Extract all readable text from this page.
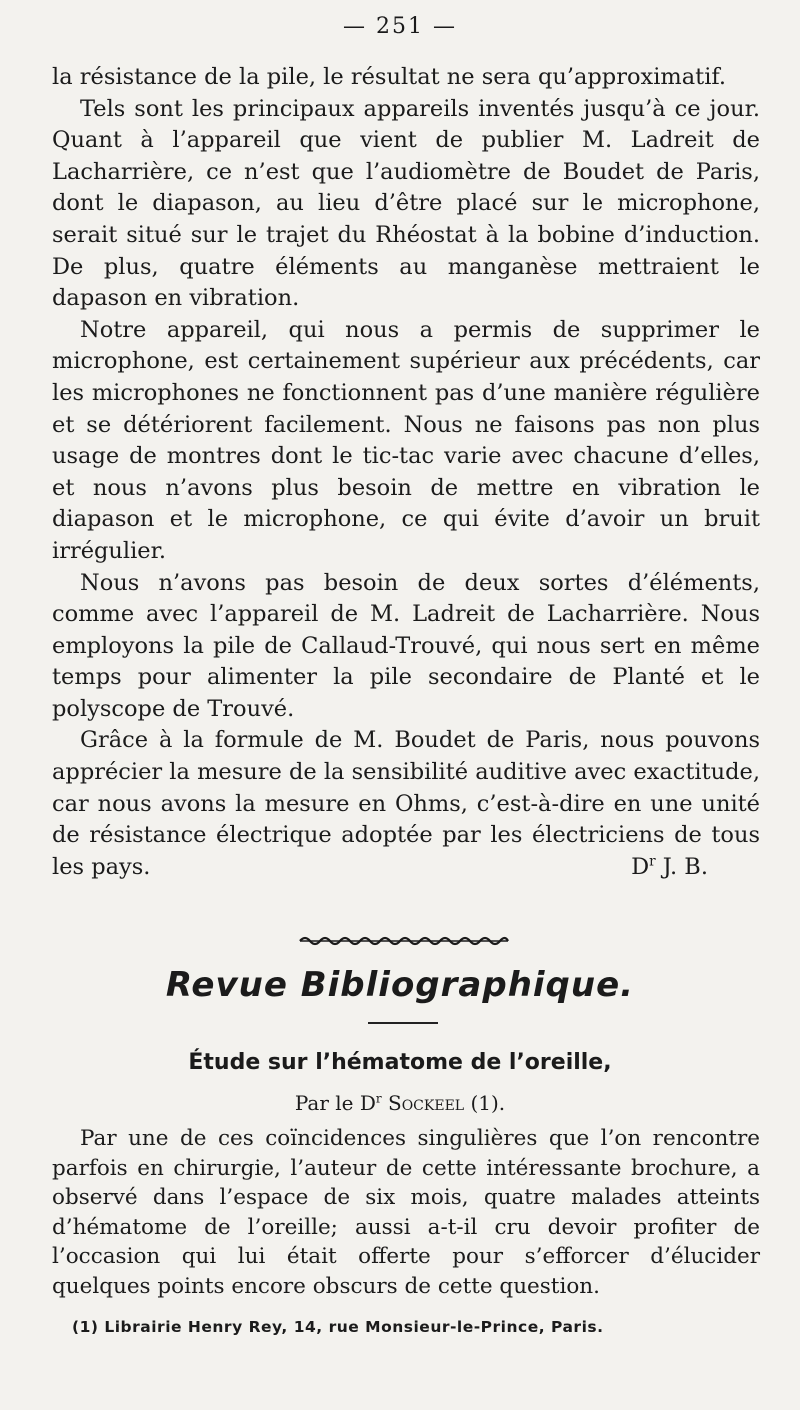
— 251 —

la résistance de la pile, le résultat ne sera qu’approximatif.

Tels sont les principaux appareils inventés jusqu’à ce jour. Quant à l’appareil que vient de publier M. Ladreit de Lacharrière, ce n’est que l’audiomètre de Boudet de Paris, dont le diapason, au lieu d’être placé sur le microphone, serait situé sur le trajet du Rhéostat à la bobine d’induction. De plus, quatre éléments au manganèse mettraient le dapason en vibration.

Notre appareil, qui nous a permis de supprimer le microphone, est certainement supérieur aux précédents, car les microphones ne fonctionnent pas d’une manière régulière et se détériorent facilement. Nous ne faisons pas non plus usage de montres dont le tic-tac varie avec chacune d’elles, et nous n’avons plus besoin de mettre en vibration le diapason et le microphone, ce qui évite d’avoir un bruit irrégulier.

Nous n’avons pas besoin de deux sortes d’éléments, comme avec l’appareil de M. Ladreit de Lacharrière. Nous employons la pile de Callaud-Trouvé, qui nous sert en même temps pour alimenter la pile secondaire de Planté et le polyscope de Trouvé.

Grâce à la formule de M. Boudet de Paris, nous pouvons apprécier la mesure de la sensibilité auditive avec exactitude, car nous avons la mesure en Ohms, c’est-à-dire en une unité de résistance électrique adoptée par les électriciens de tous les pays.	$D^r$ J. B.

Revue Bibliographique.
Étude sur l’hématome de l’oreille,
Par le $D^r$ Sockeel (1).

Par une de ces coïncidences singulières que l’on rencontre parfois en chirurgie, l’auteur de cette intéressante brochure, a observé dans l’espace de six mois, quatre malades atteints d’hématome de l’oreille; aussi a-t-il cru devoir profiter de l’occasion qui lui était offerte pour s’efforcer d’élucider quelques points encore obscurs de cette question.

(1) Librairie Henry Rey, 14, rue Monsieur-le-Prince, Paris.
